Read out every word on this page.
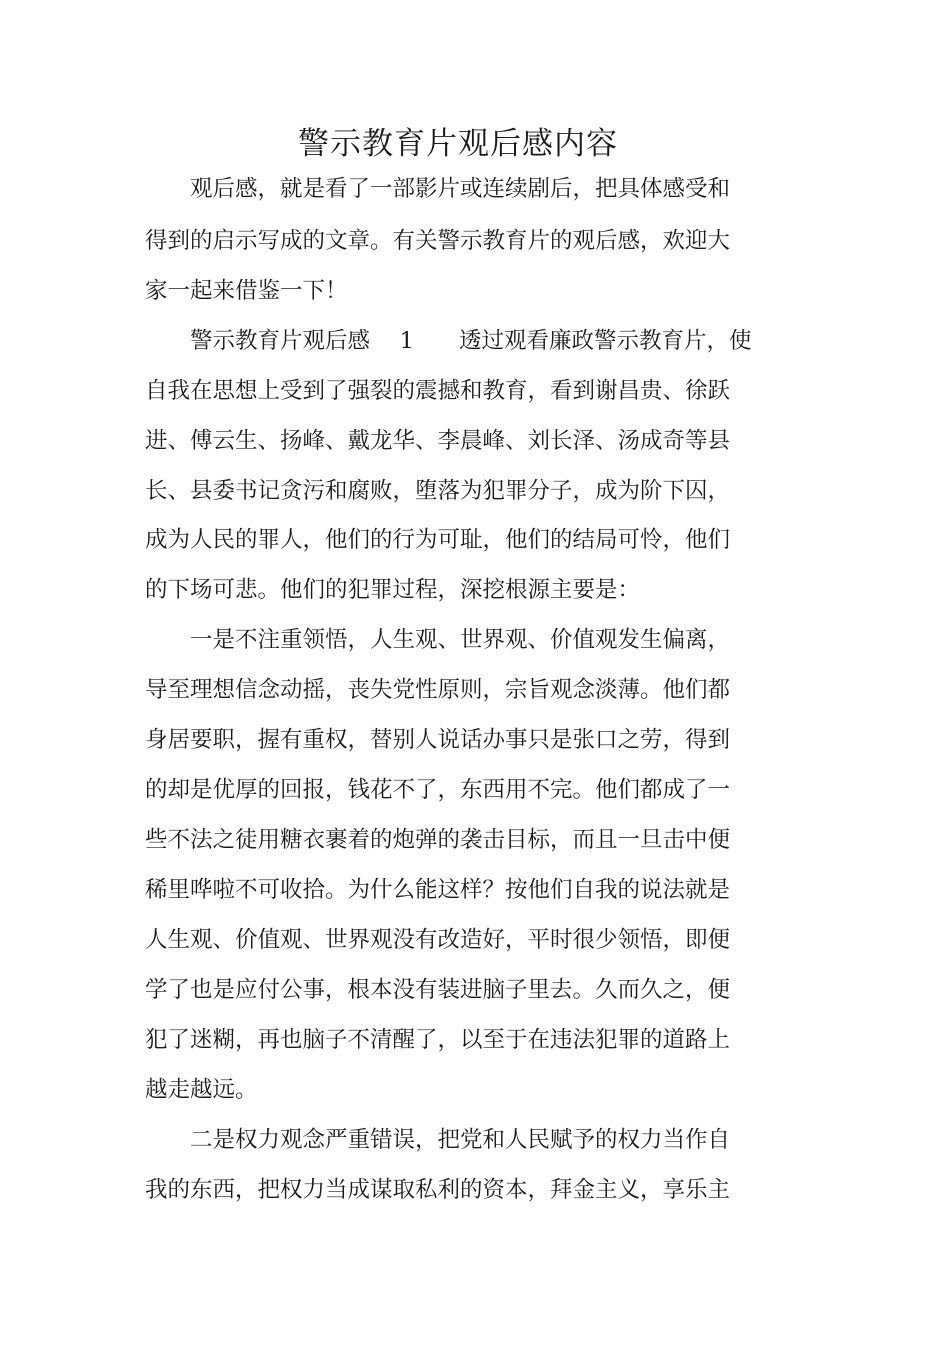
警示教育片观后感内容

　　观后感，就是看了一部影片或连续剧后，把具体感受和

得到的启示写成的文章。有关警示教育片的观后感，欢迎大

家一起来借鉴一下！

　　警示教育片观后感　 1　　透过观看廉政警示教育片，使

自我在思想上受到了强裂的震撼和教育，看到谢昌贵、徐跃

进、傅云生、扬峰、戴龙华、李晨峰、刘长泽、汤成奇等县

长、县委书记贪污和腐败，堕落为犯罪分子，成为阶下囚，

成为人民的罪人，他们的行为可耻，他们的结局可怜，他们

的下场可悲。他们的犯罪过程，深挖根源主要是：

　　一是不注重领悟，人生观、世界观、价值观发生偏离，

导至理想信念动摇，丧失党性原则，宗旨观念淡薄。他们都

身居要职，握有重权，替别人说话办事只是张口之劳，得到

的却是优厚的回报，钱花不了，东西用不完。他们都成了一

些不法之徒用糖衣裹着的炮弹的袭击目标，而且一旦击中便

稀里哗啦不可收拾。为什么能这样？按他们自我的说法就是

人生观、价值观、世界观没有改造好，平时很少领悟，即便

学了也是应付公事，根本没有装进脑子里去。久而久之，便

犯了迷糊，再也脑子不清醒了，以至于在违法犯罪的道路上

越走越远。

　　二是权力观念严重错误，把党和人民赋予的权力当作自

我的东西，把权力当成谋取私利的资本，拜金主义，享乐主
